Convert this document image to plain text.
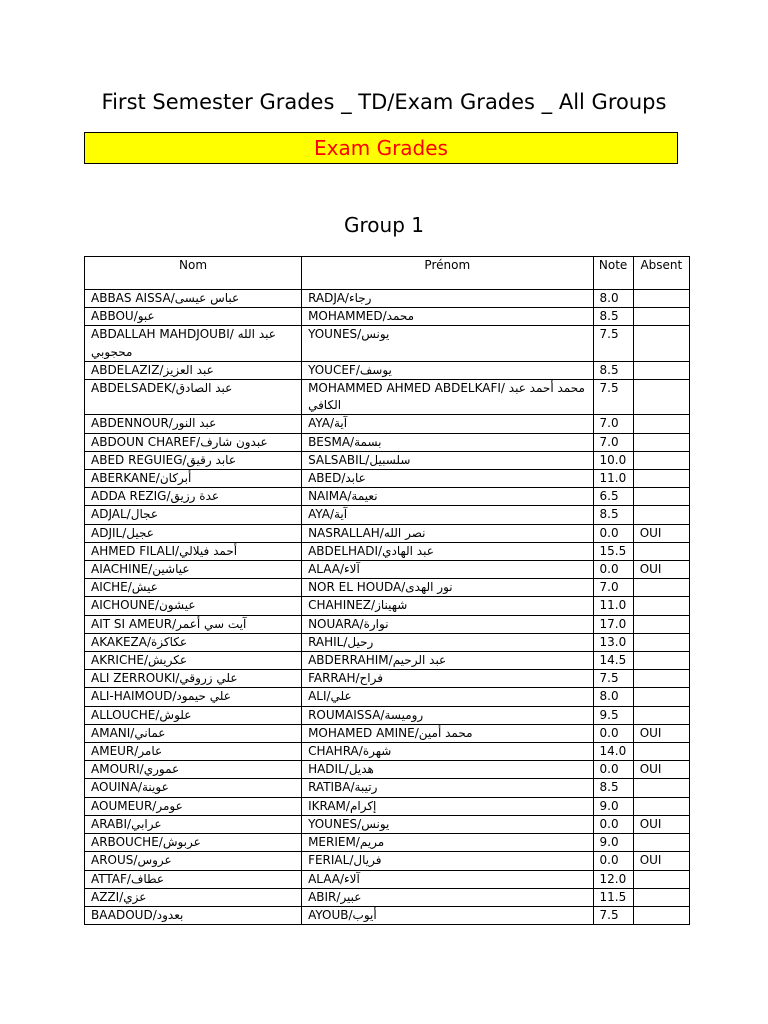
First Semester Grades _ TD/Exam Grades _ All Groups
Exam Grades
Group 1
Nom	Prénom	Note	Absent
ABBAS AISSA/عباس عيسى	RADJA/رجاء	8.0	
ABBOU/عبو	MOHAMMED/محمد	8.5	
ABDALLAH MAHDJOUBI/ عبد الله محجوبي	YOUNES/يونس	7.5	
ABDELAZIZ/عبد العزيز	YOUCEF/يوسف	8.5	
ABDELSADEK/عبد الصادق	MOHAMMED AHMED ABDELKAFI/ محمد أحمد عبد الكافي	7.5	
ABDENNOUR/عبد النور	AYA/آية	7.0	
ABDOUN CHAREF/عبدون شارف	BESMA/بسمة	7.0	
ABED REGUIEG/عابد رقيق	SALSABIL/سلسبيل	10.0	
ABERKANE/أبركان	ABED/عابد	11.0	
ADDA REZIG/عدة رزيق	NAIMA/نعيمة	6.5	
ADJAL/عجال	AYA/آية	8.5	
ADJIL/عجيل	NASRALLAH/نصر الله	0.0	OUI
AHMED FILALI/أحمد فيلالي	ABDELHADI/عبد الهادي	15.5	
AIACHINE/عياشين	ALAA/آلاء	0.0	OUI
AICHE/عيش	NOR EL HOUDA/نور الهدى	7.0	
AICHOUNE/عيشون	CHAHINEZ/شهيناز	11.0	
AIT SI AMEUR/آيت سي أعمر	NOUARA/نوارة	17.0	
AKAKEZA/عكاكزة	RAHIL/رحيل	13.0	
AKRICHE/عكريش	ABDERRAHIM/عبد الرحيم	14.5	
ALI ZERROUKI/علي زروقي	FARRAH/فراح	7.5	
ALI-HAIMOUD/علي حيمود	ALI/علي	8.0	
ALLOUCHE/علوش	ROUMAISSA/روميسة	9.5	
AMANI/عماني	MOHAMED AMINE/محمد أمين	0.0	OUI
AMEUR/عامر	CHAHRA/شهرة	14.0	
AMOURI/عموري	HADIL/هديل	0.0	OUI
AOUINA/عوينة	RATIBA/رتيبة	8.5	
AOUMEUR/عومر	IKRAM/إكرام	9.0	
ARABI/عرابي	YOUNES/يونس	0.0	OUI
ARBOUCHE/عربوش	MERIEM/مريم	9.0	
AROUS/عروس	FERIAL/فريال	0.0	OUI
ATTAF/عطاف	ALAA/آلاء	12.0	
AZZI/عزي	ABIR/عبير	11.5	
BAADOUD/بعدود	AYOUB/أيوب	7.5	
